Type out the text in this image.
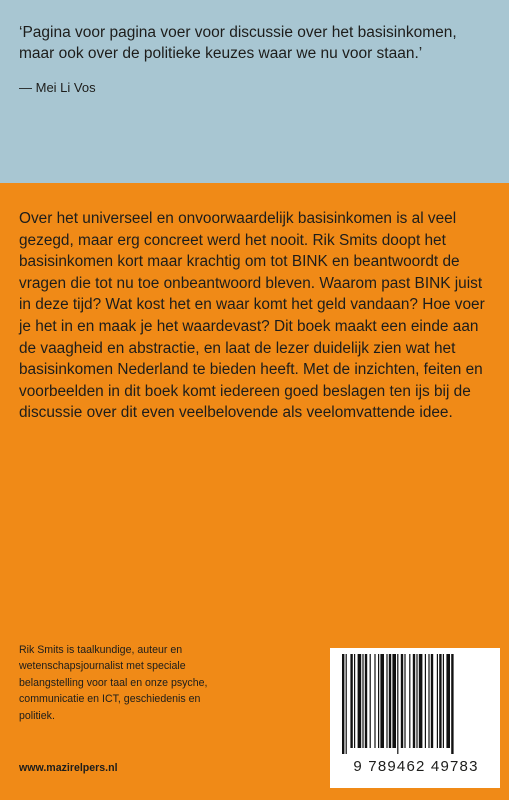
‘Pagina voor pagina voer voor discussie over het basisinkomen, maar ook over de politieke keuzes waar we nu voor staan.’
— Mei Li Vos
Over het universeel en onvoorwaardelijk basisinkomen is al veel gezegd, maar erg concreet werd het nooit. Rik Smits doopt het basisinkomen kort maar krachtig om tot BINK en beantwoordt de vragen die tot nu toe onbeantwoord bleven. Waarom past BINK juist in deze tijd? Wat kost het en waar komt het geld vandaan? Hoe voer je het in en maak je het waardevast? Dit boek maakt een einde aan de vaagheid en abstractie, en laat de lezer duidelijk zien wat het basisinkomen Nederland te bieden heeft. Met de inzichten, feiten en voorbeelden in dit boek komt iedereen goed beslagen ten ijs bij de discussie over dit even veelbelovende als veelomvattende idee.
Rik Smits is taalkundige, auteur en wetenschapsjournalist met speciale belangstelling voor taal en onze psyche, communicatie en ICT, geschiedenis en politiek.
www.mazirelpers.nl	9 789462 49783
